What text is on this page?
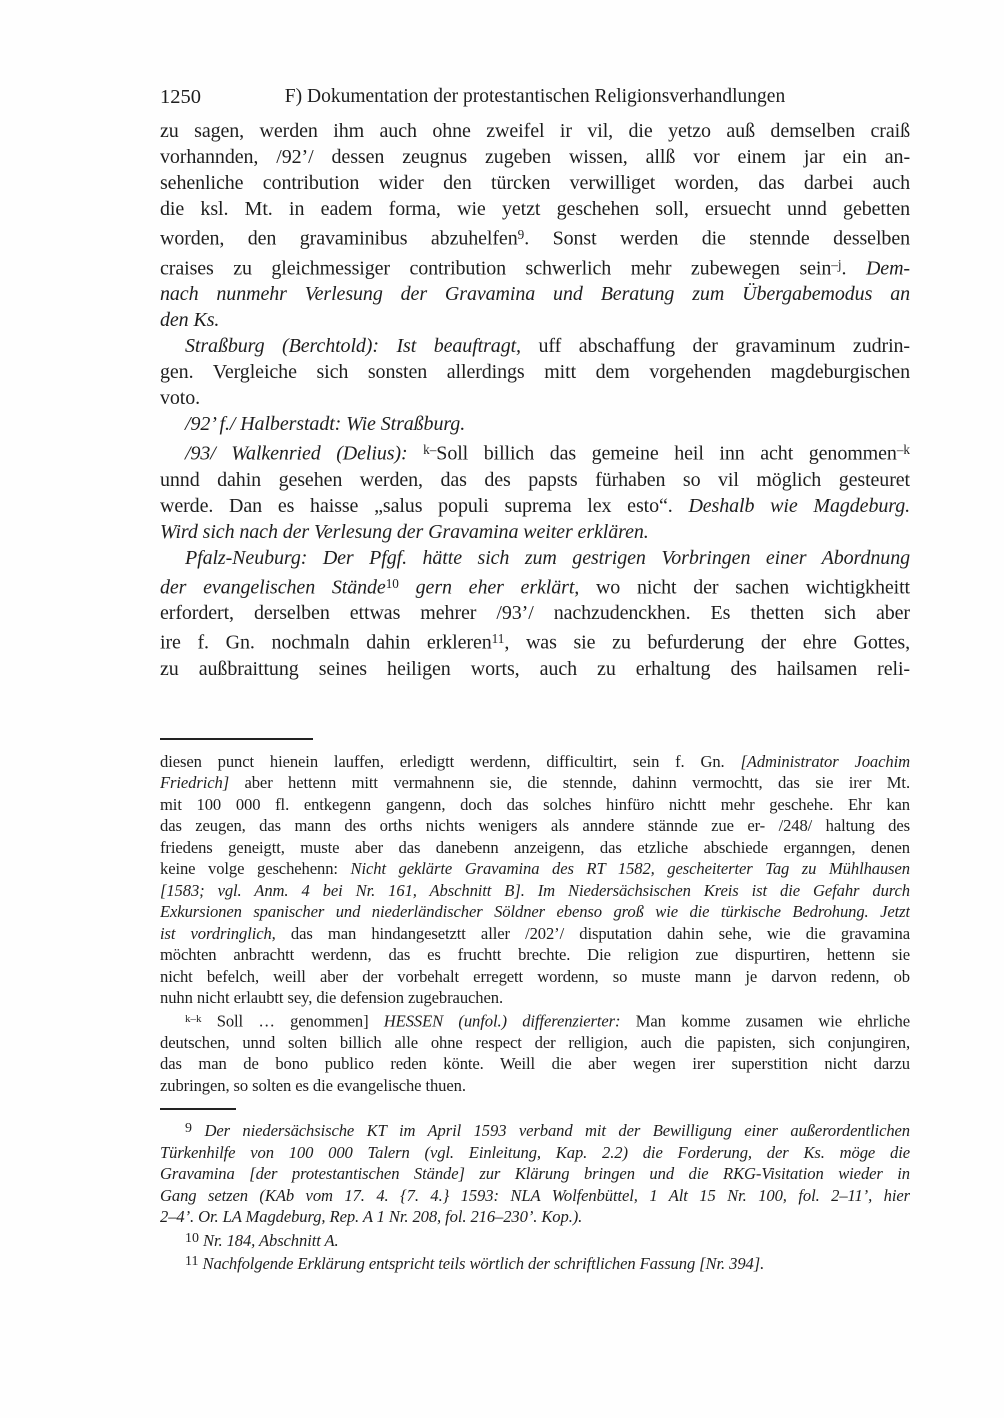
1250	F) Dokumentation der protestantischen Religionsverhandlungen
zu sagen, werden ihm auch ohne zweifel ir vil, die yetzo auß demselben craiß
vorhannden, /92’/ dessen zeugnus zugeben wissen, allß vor einem jar ein an-
sehenliche contribution wider den türcken verwilliget worden, das darbei auch
die ksl. Mt. in eadem forma, wie yetzt geschehen soll, ersuecht unnd gebetten
worden, den gravaminibus abzuhelfen$^9$. Sonst werden die stennde desselben
craises zu gleichmessiger contribution schwerlich mehr zubewegen sein$^{-j}$. Dem-
nach nunmehr Verlesung der Gravamina und Beratung zum Übergabemodus an
den Ks.
Straßburg (Berchtold): Ist beauftragt, uff abschaffung der gravaminum zudrin-
gen. Vergleiche sich sonsten allerdings mitt dem vorgehenden magdeburgischen
voto.
/92’ f./ Halberstadt: Wie Straßburg.
/93/ Walkenried (Delius): $^{k-}$Soll billich das gemeine heil inn acht genommen$^{-k}$
unnd dahin gesehen werden, das des papsts fürhaben so vil möglich gesteuret
werde. Dan es haisse „salus populi suprema lex esto“. Deshalb wie Magdeburg.
Wird sich nach der Verlesung der Gravamina weiter erklären.
Pfalz-Neuburg: Der Pfgf. hätte sich zum gestrigen Vorbringen einer Abordnung
der evangelischen Stände$^{10}$ gern eher erklärt, wo nicht der sachen wichtigkheitt
erfordert, derselben ettwas mehrer /93’/ nachzudenckhen. Es thetten sich aber
ire f. Gn. nochmaln dahin erkleren$^{11}$, was sie zu befurderung der ehre Gottes,
zu außbraittung seines heiligen worts, auch zu erhaltung des hailsamen reli-
diesen punct hienein lauffen, erledigtt werdenn, difficultirt, sein f. Gn. [Administrator Joachim
Friedrich] aber hettenn mitt vermahnenn sie, die stennde, dahinn vermochtt, das sie irer Mt.
mit 100 000 fl. entkegenn gangenn, doch das solches hinfüro nichtt mehr geschehe. Ehr kan
das zeugen, das mann des orths nichts wenigers als anndere stännde zue er- /248/ haltung des
friedens geneigtt, muste aber das danebenn anzeigenn, das etzliche abschiede erganngen, denen
keine volge geschehenn: Nicht geklärte Gravamina des RT 1582, gescheiterter Tag zu Mühlhausen
[1583; vgl. Anm. 4 bei Nr. 161, Abschnitt B]. Im Niedersächsischen Kreis ist die Gefahr durch
Exkursionen spanischer und niederländischer Söldner ebenso groß wie die türkische Bedrohung. Jetzt
ist vordringlich, das man hindangesetztt aller /202’/ disputation dahin sehe, wie die gravamina
möchten anbrachtt werdenn, das es fruchtt brechte. Die religion zue dispurtiren, hettenn sie
nicht befelch, weill aber der vorbehalt erregett wordenn, so muste mann je darvon redenn, ob
nuhn nicht erlaubtt sey, die defension zugebrauchen.
$^{k-k}$ Soll … genommen] HESSEN (unfol.) differenzierter: Man komme zusamen wie ehrliche
deutschen, unnd solten billich alle ohne respect der relligion, auch die papisten, sich conjungiren,
das man de bono publico reden könte. Weill die aber wegen irer superstition nicht darzu
zubringen, so solten es die evangelische thuen.
$^9$ Der niedersächsische KT im April 1593 verband mit der Bewilligung einer außerordentlichen
Türkenhilfe von 100 000 Talern (vgl. Einleitung, Kap. 2.2) die Forderung, der Ks. möge die
Gravamina [der protestantischen Stände] zur Klärung bringen und die RKG-Visitation wieder in
Gang setzen (KAb vom 17. 4. {7. 4.} 1593: NLA Wolfenbüttel, 1 Alt 15 Nr. 100, fol. 2–11’, hier
2–4’. Or. LA Magdeburg, Rep. A 1 Nr. 208, fol. 216–230’. Kop.).
$^{10}$ Nr. 184, Abschnitt A.
$^{11}$ Nachfolgende Erklärung entspricht teils wörtlich der schriftlichen Fassung [Nr. 394].
